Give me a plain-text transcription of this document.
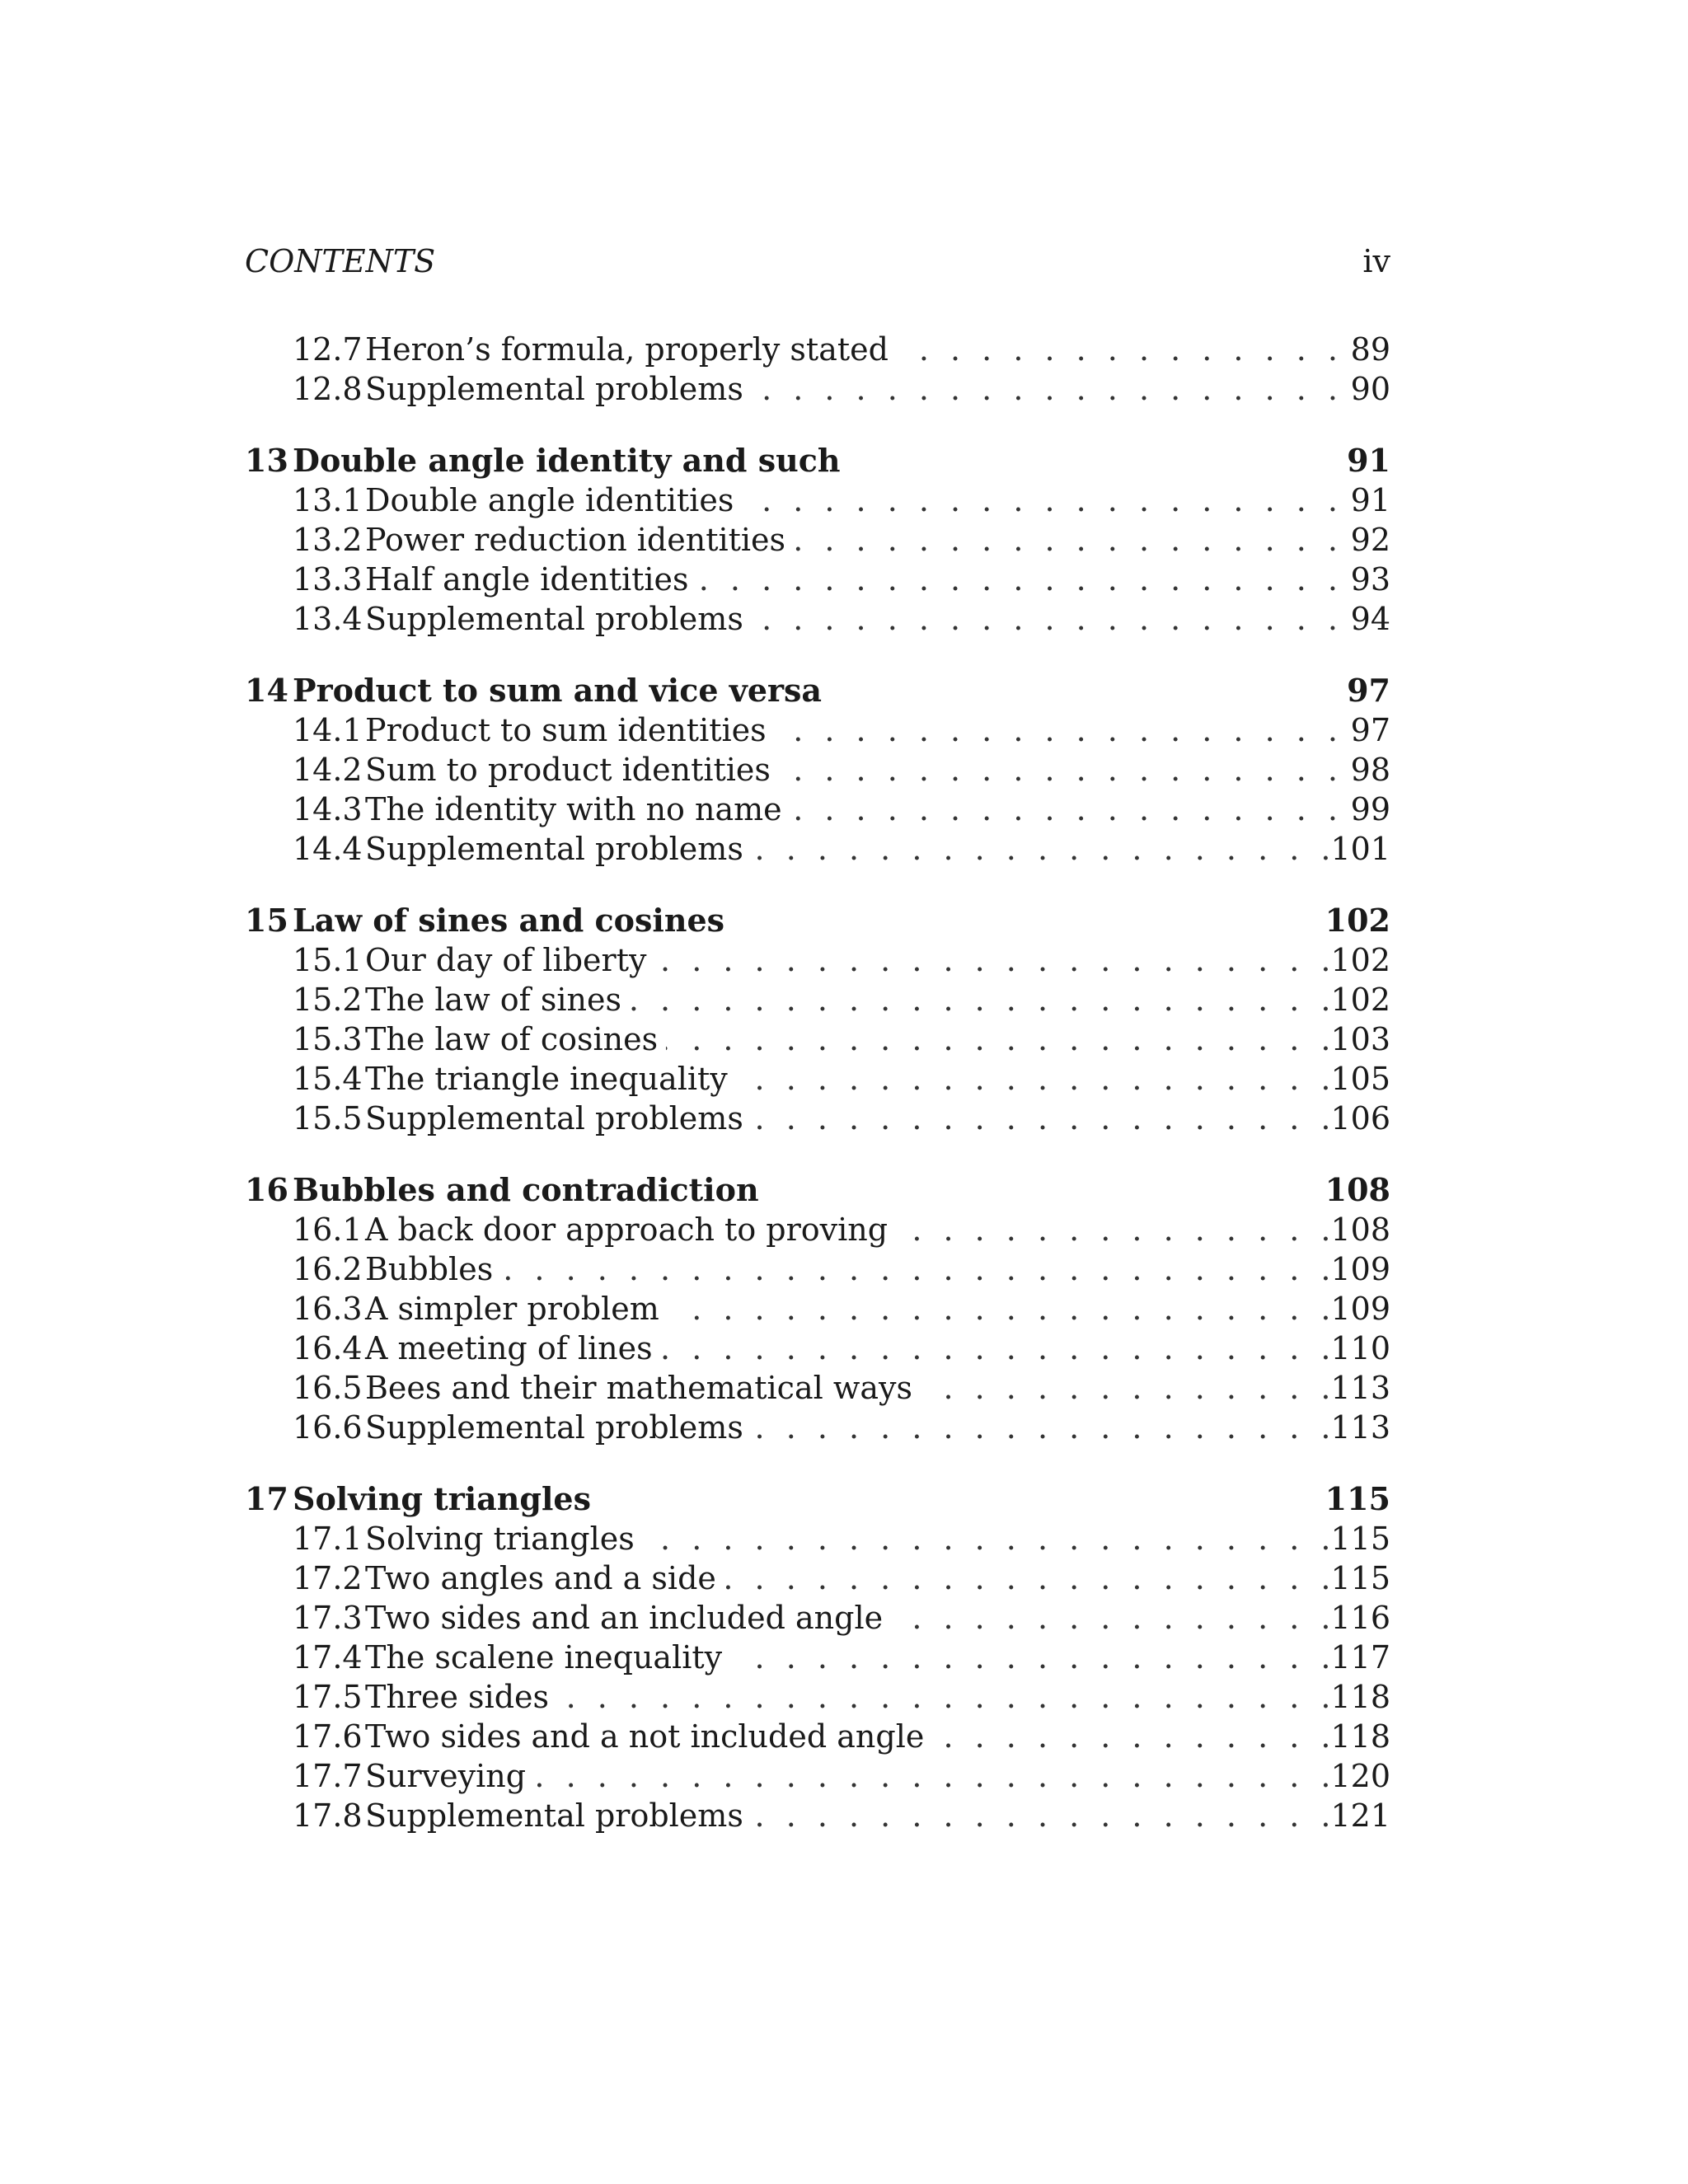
CONTENTS	iv
12.7 Heron’s formula, properly stated . . .	89
12.8 Supplemental problems . . .	90
13 Double angle identity and such	91
13.1 Double angle identities . . .	91
13.2 Power reduction identities . . .	92
13.3 Half angle identities . . .	93
13.4 Supplemental problems . . .	94
14 Product to sum and vice versa	97
14.1 Product to sum identities . . .	97
14.2 Sum to product identities . . .	98
14.3 The identity with no name . . .	99
14.4 Supplemental problems . . .	101
15 Law of sines and cosines	102
15.1 Our day of liberty . . .	102
15.2 The law of sines . . .	102
15.3 The law of cosines . . .	103
15.4 The triangle inequality . . .	105
15.5 Supplemental problems . . .	106
16 Bubbles and contradiction	108
16.1 A back door approach to proving . . .	108
16.2 Bubbles . . .	109
16.3 A simpler problem . . .	109
16.4 A meeting of lines . . .	110
16.5 Bees and their mathematical ways . . .	113
16.6 Supplemental problems . . .	113
17 Solving triangles	115
17.1 Solving triangles . . .	115
17.2 Two angles and a side . . .	115
17.3 Two sides and an included angle . . .	116
17.4 The scalene inequality . . .	117
17.5 Three sides . . .	118
17.6 Two sides and a not included angle . . .	118
17.7 Surveying . . .	120
17.8 Supplemental problems . . .	121
